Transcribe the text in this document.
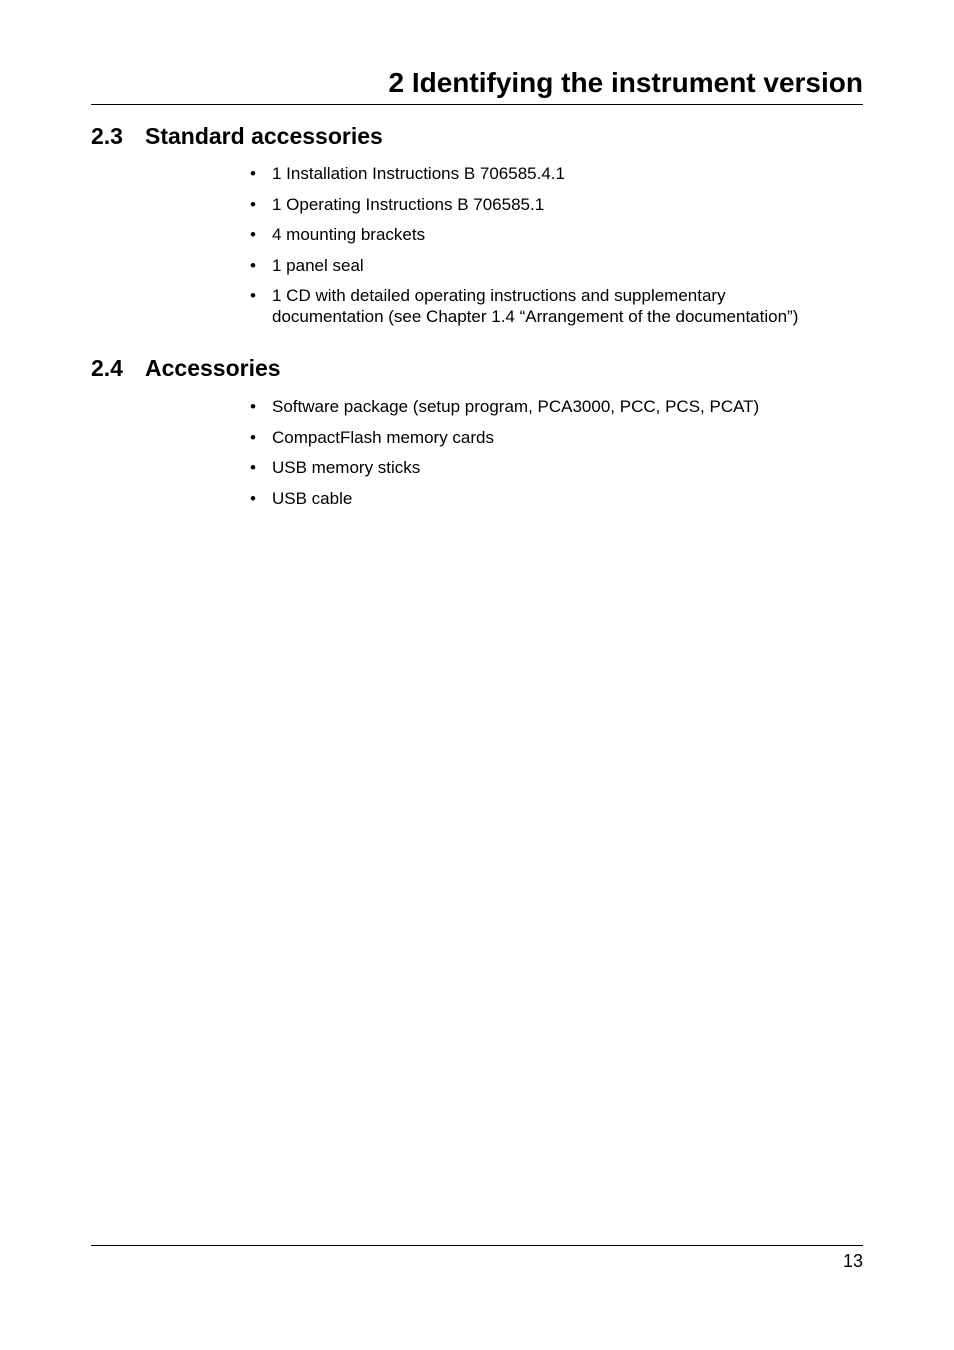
2 Identifying the instrument version
2.3 Standard accessories
• 1 Installation Instructions B 706585.4.1
• 1 Operating Instructions B 706585.1
• 4 mounting brackets
• 1 panel seal
• 1 CD with detailed operating instructions and supplementary documentation (see Chapter 1.4 “Arrangement of the documentation”)
2.4 Accessories
• Software package (setup program, PCA3000, PCC, PCS, PCAT)
• CompactFlash memory cards
• USB memory sticks
• USB cable
13
